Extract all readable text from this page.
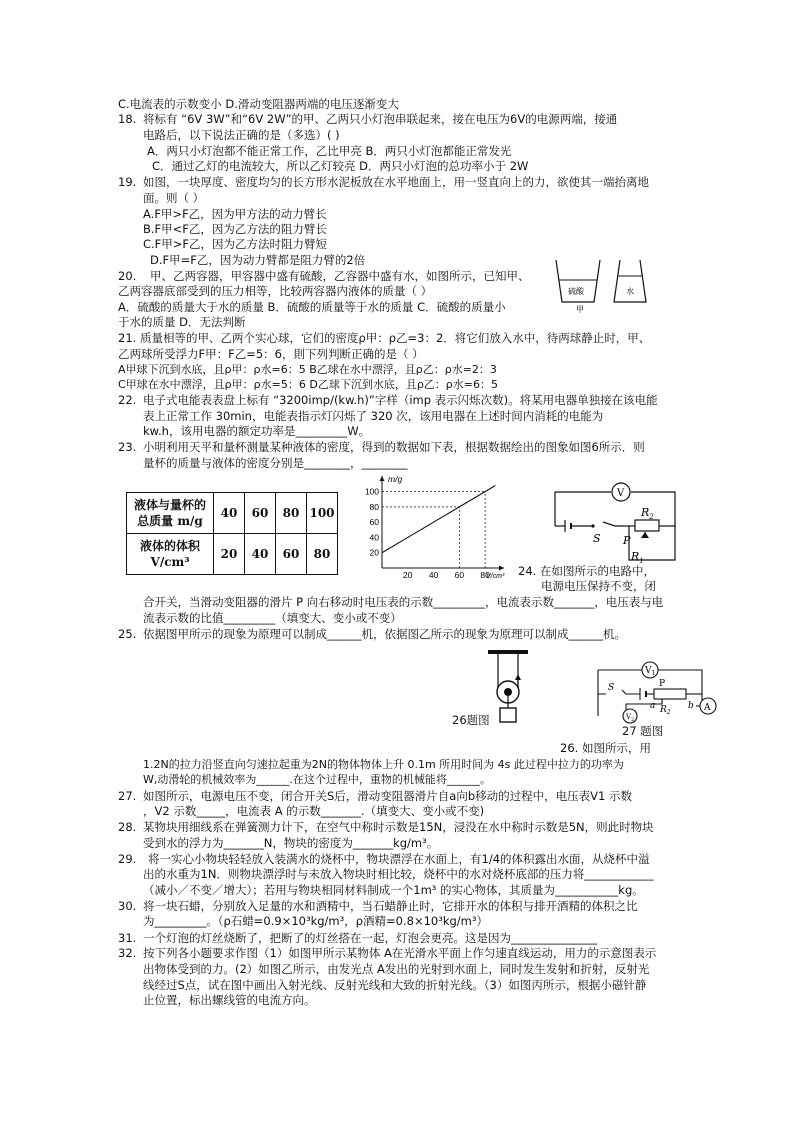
C.电流表的示数变小 D.滑动变阻器两端的电压逐渐变大
18. 将标有 “6V 3W”和“6V 2W”的甲、乙两只小灯泡串联起来，接在电压为6V的电源两端，接通
电路后，以下说法正确的是（多选）( )
A．两只小灯泡都不能正常工作，乙比甲亮 B．两只小灯泡都能正常发光
C．通过乙灯的电流较大，所以乙灯较亮 D．两只小灯泡的总功率小于 2W
19. 如图，一块厚度、密度均匀的长方形水泥板放在水平地面上，用一竖直向上的力，欲使其一端抬离地
面。则（ ）
A.F甲>F乙，因为甲方法的动力臂长
B.F甲<F乙，因为乙方法的阻力臂长
C.F甲>F乙，因为乙方法时阻力臂短
D.F甲=F乙，因为动力臂都是阻力臂的2倍
20. 甲、乙两容器，甲容器中盛有硫酸，乙容器中盛有水，如图所示，已知甲、
乙两容器底部受到的压力相等，比较两容器内液体的质量（ ）
A．硫酸的质量大于水的质量 B．硫酸的质量等于水的质量 C．硫酸的质量小
于水的质量 D．无法判断
21. 质量相等的甲、乙两个实心球，它们的密度ρ甲：ρ乙=3：2．将它们放入水中，待两球静止时，甲、
乙两球所受浮力F甲：F乙=5：6，則下列判断正确的是（ ）
A甲球下沉到水底，且ρ甲：ρ水=6：5 B乙球在水中漂浮，且ρ乙：ρ水=2：3
C甲球在水中漂浮，且ρ甲：ρ水=5：6 D乙球下沉到水底，且ρ乙：ρ水=6：5
22. 电子式电能表表盘上标有 “3200imp/(kw.h)”字样（imp 表示闪烁次数)。将某用电器单独接在该电能
表上正常工作 30min，电能表指示灯闪烁了 320 次，该用电器在上述时间内消耗的电能为
kw.h，该用电器的额定功率是_________W。
23. 小明利用天平和量杯测量某种液体的密度，得到的数据如下表，根据数据绘出的图象如图6所示．则
量杯的质量与液体的密度分别是________，________
液体与量杯的
总质量 m/g	40	60	80	100

液体的体积
V/cm³	20	40	60	80	20
40
60
80
100
20 40 60 80
m/g
V/cm³
硫酸
甲
水
V
$R_2$
S P
$R_1$
24. 在如图所示的电路中，
电源电压保持不变，闭
合开关，当滑动变阻器的滑片 P 向右移动时电压表的示数_________，电流表示数_______，电压表与电
流表示数的比值_________（填变大、变小或不变）
25. 依据图甲所示的现象为原理可以制成______机，依据图乙所示的现象为原理可以制成______机。
26题图
$V_1$
P
$R_2$
a	b
S
$V_2$
A
27 题图
26. 如图所示，用
1.2N的拉力沿竖直向匀速拉起重为2N的物体物体上升 0.1m 所用时间为 4s 此过程中拉力的功率为
W,动滑轮的机械效率为______.在这个过程中，重物的机械能将______。
27. 如图所示，电源电压不变，闭合开关S后，滑动变阻器滑片自a向b移动的过程中，电压表V1 示数
，V2 示数_____，电流表 A 的示数_______.（填变大、变小或不变)
28. 某物块用细线系在弹簧测力计下，在空气中称时示数是15N，浸没在水中称时示数是5N，则此时物块
受到水的浮力为_______N，物块的密度为_______kg/m³。
29. 将一实心小物块轻轻放入装满水的烧杯中，物块漂浮在水面上，有1/4的体积露出水面，从烧杯中溢
出的水重为1N．则物块漂浮时与未放入物块时相比较，烧杯中的水对烧杯底部的压力将____________
（减小／不变／增大）；若用与物块相同材料制成一个1m³ 的实心物体，其质量为___________kg。
30. 将一块石蜡，分别放入足量的水和酒精中，当石蜡静止时，它排开水的体积与排开酒精的体积之比
为_________。（ρ石蜡=0.9×10³kg/m³，ρ酒精=0.8×10³kg/m³）
31. 一个灯泡的灯丝烧断了，把断了的灯丝搭在一起，灯泡会更亮。这是因为_______________
32. 按下列各小题要求作图（1）如图甲所示某物体 A在光滑水平面上作匀速直线运动，用力的示意图表示
出物体受到的力。(2）如图乙所示，由发光点 A发出的光射到水面上，同时发生发射和折射，反射光
线经过S点，试在图中画出入射光线、反射光线和大致的折射光线。（3）如图丙所示，根据小磁针静
止位置，标出螺线管的电流方向。
